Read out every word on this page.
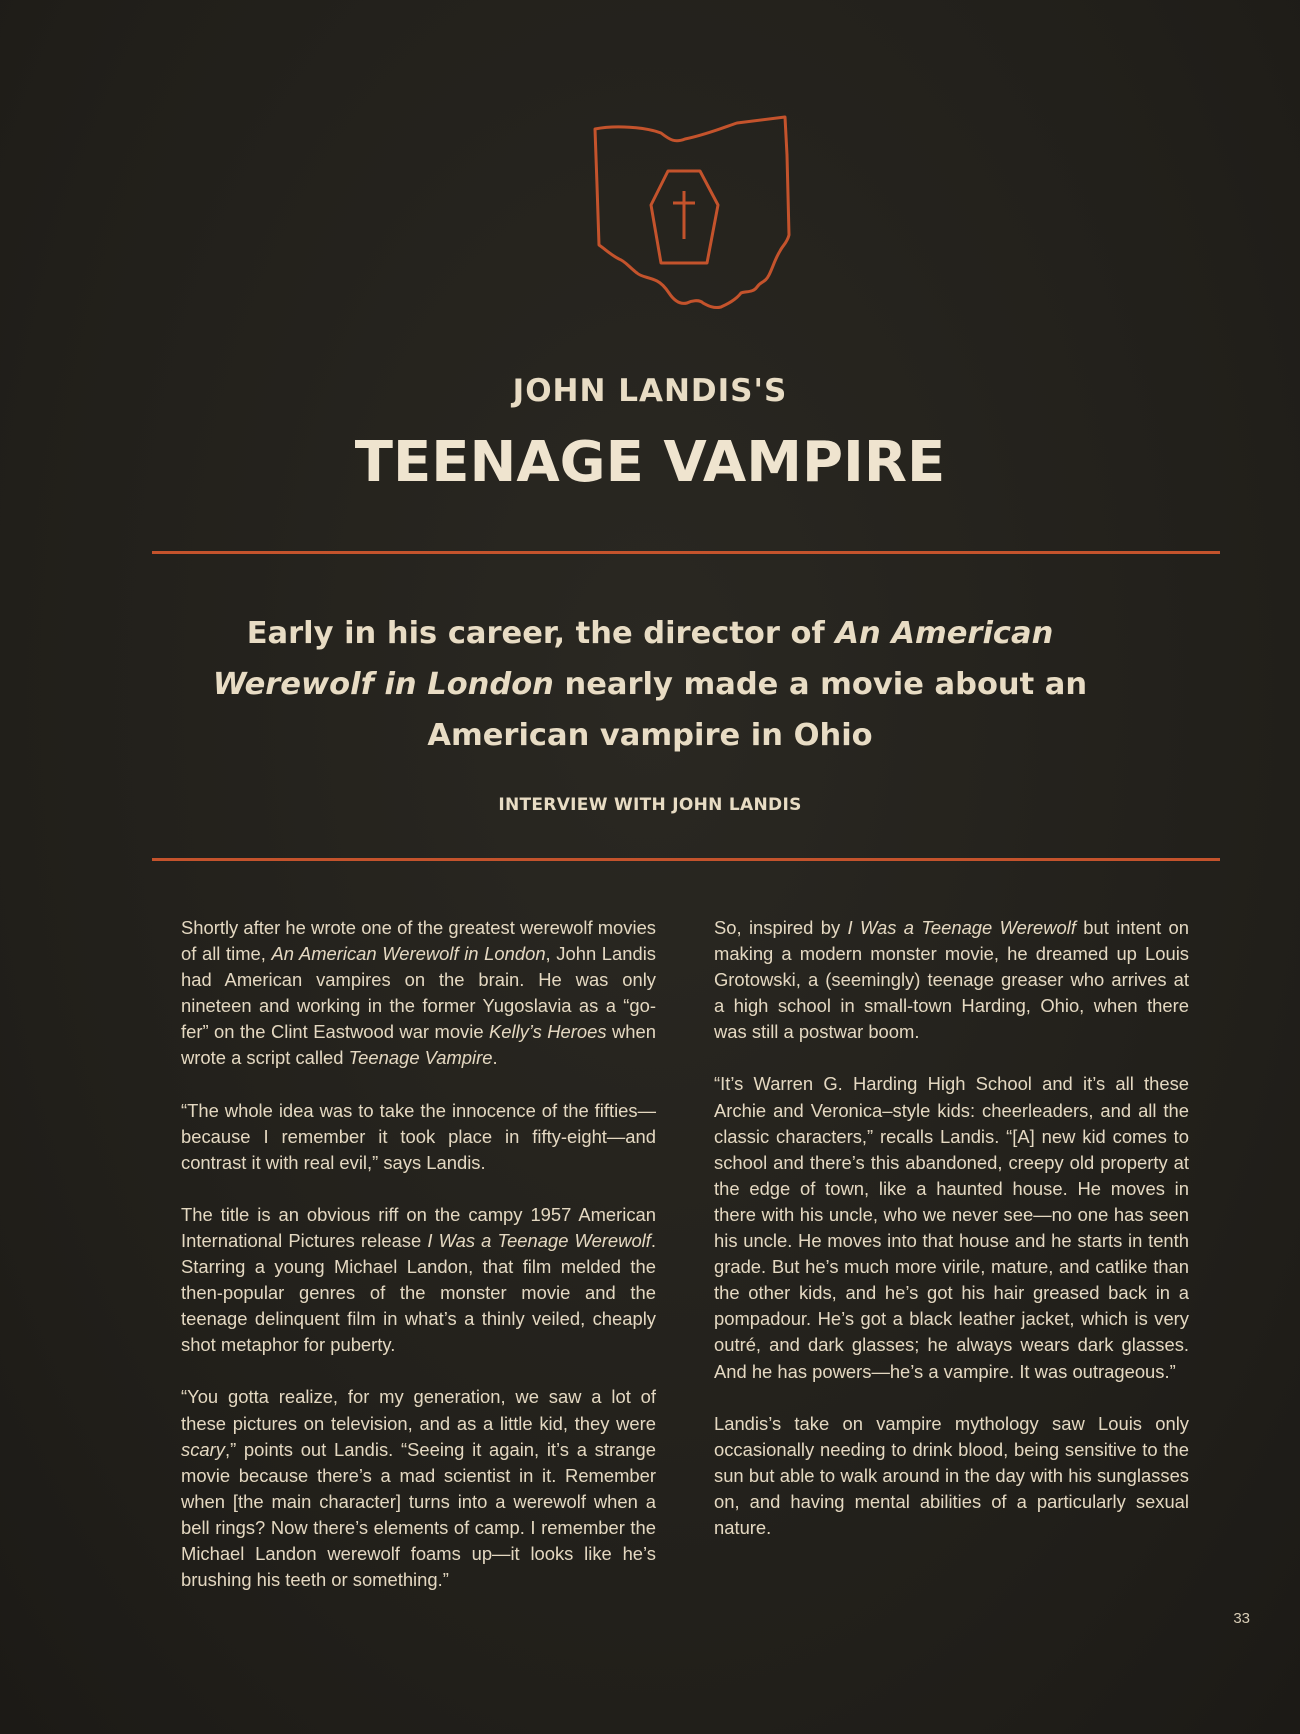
JOHN LANDIS'S
TEENAGE VAMPIRE

Early in his career, the director of An American Werewolf in London nearly made a movie about an American vampire in Ohio

INTERVIEW WITH JOHN LANDIS

Shortly after he wrote one of the greatest werewolf movies of all time, An American Werewolf in London, John Landis had American vampires on the brain. He was only nineteen and working in the former Yugoslavia as a “go-fer” on the Clint Eastwood war movie Kelly’s Heroes when wrote a script called Teenage Vampire.

“The whole idea was to take the innocence of the fifties—because I remember it took place in fifty-eight—and contrast it with real evil,” says Landis.

The title is an obvious riff on the campy 1957 American International Pictures release I Was a Teenage Werewolf. Starring a young Michael Landon, that film melded the then-popular genres of the monster movie and the teenage delinquent film in what’s a thinly veiled, cheaply shot metaphor for puberty.

“You gotta realize, for my generation, we saw a lot of these pictures on television, and as a little kid, they were scary,” points out Landis. “Seeing it again, it’s a strange movie because there’s a mad scientist in it. Remember when [the main character] turns into a werewolf when a bell rings? Now there’s elements of camp. I remember the Michael Landon werewolf foams up—it looks like he’s brushing his teeth or something.”

So, inspired by I Was a Teenage Werewolf but intent on making a modern monster movie, he dreamed up Louis Grotowski, a (seemingly) teenage greaser who arrives at a high school in small-town Harding, Ohio, when there was still a postwar boom.

“It’s Warren G. Harding High School and it’s all these Archie and Veronica–style kids: cheerleaders, and all the classic characters,” recalls Landis. “[A] new kid comes to school and there’s this abandoned, creepy old property at the edge of town, like a haunted house. He moves in there with his uncle, who we never see—no one has seen his uncle. He moves into that house and he starts in tenth grade. But he’s much more virile, mature, and catlike than the other kids, and he’s got his hair greased back in a pompadour. He’s got a black leather jacket, which is very outré, and dark glasses; he always wears dark glasses. And he has powers—he’s a vampire. It was outrageous.”

Landis’s take on vampire mythology saw Louis only occasionally needing to drink blood, being sensitive to the sun but able to walk around in the day with his sunglasses on, and having mental abilities of a particularly sexual nature.

33
